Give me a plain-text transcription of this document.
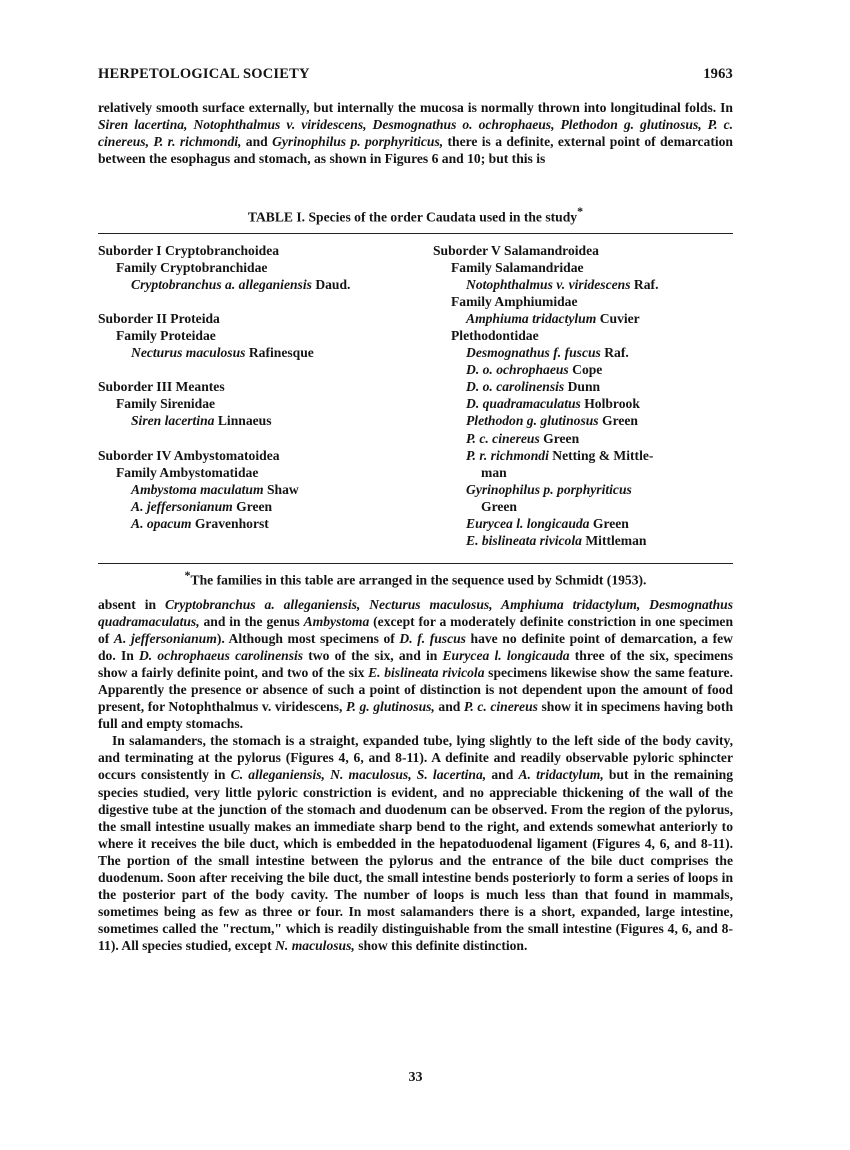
HERPETOLOGICAL SOCIETY	1963

relatively smooth surface externally, but internally the mucosa is normally thrown into longitudinal folds. In Siren lacertina, Notophthalmus v. viridescens, Desmognathus o. ochrophaeus, Plethodon g. glutinosus, P. c. cinereus, P. r. richmondi, and Gyrinophilus p. porphyriticus, there is a definite, external point of demarcation between the esophagus and stomach, as shown in Figures 6 and 10; but this is

TABLE I. Species of the order Caudata used in the study*
Suborder I Cryptobranchoidea
Family Cryptobranchidae
Cryptobranchus a. alleganiensis Daud.
Suborder II Proteida
Family Proteidae
Necturus maculosus Rafinesque
Suborder III Meantes
Family Sirenidae
Siren lacertina Linnaeus
Suborder IV Ambystomatoidea
Family Ambystomatidae
Ambystoma maculatum Shaw
A. jeffersonianum Green
A. opacum Gravenhorst
Suborder V Salamandroidea
Family Salamandridae
Notophthalmus v. viridescens Raf.
Family Amphiumidae
Amphiuma tridactylum Cuvier
Plethodontidae
Desmognathus f. fuscus Raf.
D. o. ochrophaeus Cope
D. o. carolinensis Dunn
D. quadramaculatus Holbrook
Plethodon g. glutinosus Green
P. c. cinereus Green
P. r. richmondi Netting & Mittle-
man
Gyrinophilus p. porphyriticus
Green
Eurycea l. longicauda Green
E. bislineata rivicola Mittleman
*The families in this table are arranged in the sequence used by Schmidt (1953).

absent in Cryptobranchus a. alleganiensis, Necturus maculosus, Amphiuma tridactylum, Desmognathus quadramaculatus, and in the genus Ambystoma (except for a moderately definite constriction in one specimen of A. jeffersonianum). Although most specimens of D. f. fuscus have no definite point of demarcation, a few do. In D. ochrophaeus carolinensis two of the six, and in Eurycea l. longicauda three of the six, specimens show a fairly definite point, and two of the six E. bislineata rivicola specimens likewise show the same feature. Apparently the presence or absence of such a point of distinction is not dependent upon the amount of food present, for Notophthalmus v. viridescens, P. g. glutinosus, and P. c. cinereus show it in specimens having both full and empty stomachs.

In salamanders, the stomach is a straight, expanded tube, lying slightly to the left side of the body cavity, and terminating at the pylorus (Figures 4, 6, and 8-11). A definite and readily observable pyloric sphincter occurs consistently in C. alleganiensis, N. maculosus, S. lacertina, and A. tridactylum, but in the remaining species studied, very little pyloric constriction is evident, and no appreciable thickening of the wall of the digestive tube at the junction of the stomach and duodenum can be observed. From the region of the pylorus, the small intestine usually makes an immediate sharp bend to the right, and extends somewhat anteriorly to where it receives the bile duct, which is embedded in the hepatoduodenal ligament (Figures 4, 6, and 8-11). The portion of the small intestine between the pylorus and the entrance of the bile duct comprises the duodenum. Soon after receiving the bile duct, the small intestine bends posteriorly to form a series of loops in the posterior part of the body cavity. The number of loops is much less than that found in mammals, sometimes being as few as three or four. In most salamanders there is a short, expanded, large intestine, sometimes called the "rectum," which is readily distinguishable from the small intestine (Figures 4, 6, and 8-11). All species studied, except N. maculosus, show this definite distinction.

33
